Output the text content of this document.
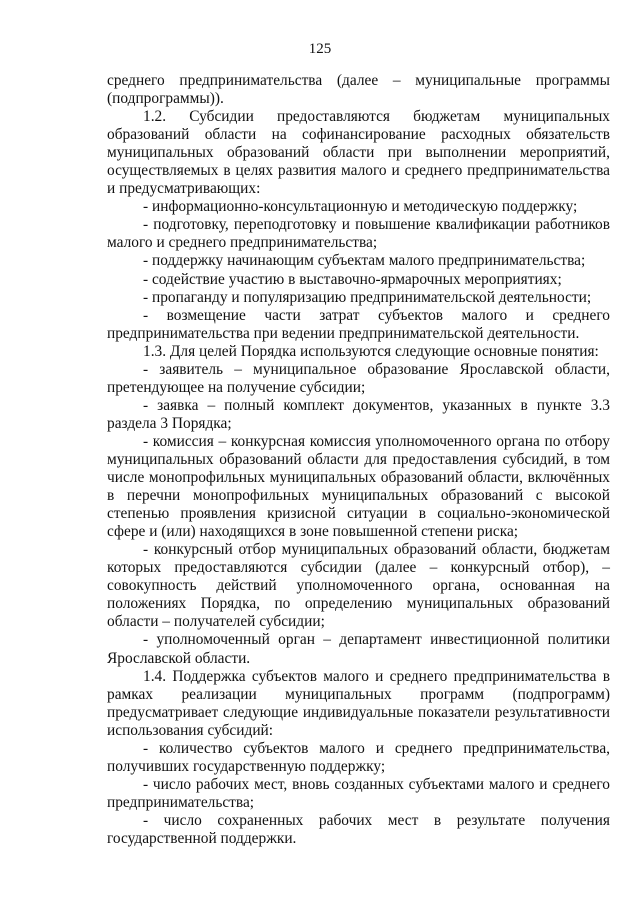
125

среднего предпринимательства (далее – муниципальные программы (подпрограммы)).

1.2. Субсидии предоставляются бюджетам муниципальных образований области на софинансирование расходных обязательств муниципальных образований области при выполнении мероприятий, осуществляемых в целях развития малого и среднего предпринимательства и предусматривающих:

- информационно-консультационную и методическую поддержку;

- подготовку, переподготовку и повышение квалификации работников малого и среднего предпринимательства;

- поддержку начинающим субъектам малого предпринимательства;

- содействие участию в выставочно-ярмарочных мероприятиях;

- пропаганду и популяризацию предпринимательской деятельности;

- возмещение части затрат субъектов малого и среднего предпринимательства при ведении предпринимательской деятельности.

1.3. Для целей Порядка используются следующие основные понятия:

- заявитель – муниципальное образование Ярославской области, претендующее на получение субсидии;

- заявка – полный комплект документов, указанных в пункте 3.3 раздела 3 Порядка;

- комиссия – конкурсная комиссия уполномоченного органа по отбору муниципальных образований области для предоставления субсидий, в том числе монопрофильных муниципальных образований области, включённых в перечни монопрофильных муниципальных образований с высокой степенью проявления кризисной ситуации в социально-экономической сфере и (или) находящихся в зоне повышенной степени риска;

- конкурсный отбор муниципальных образований области, бюджетам которых предоставляются субсидии (далее – конкурсный отбор), – совокупность действий уполномоченного органа, основанная на положениях Порядка, по определению муниципальных образований области – получателей субсидии;

- уполномоченный орган – департамент инвестиционной политики Ярославской области.

1.4. Поддержка субъектов малого и среднего предпринимательства в рамках реализации муниципальных программ (подпрограмм) предусматривает следующие индивидуальные показатели результативности использования субсидий:

- количество субъектов малого и среднего предпринимательства, получивших государственную поддержку;

- число рабочих мест, вновь созданных субъектами малого и среднего предпринимательства;

- число сохраненных рабочих мест в результате получения государственной поддержки.
